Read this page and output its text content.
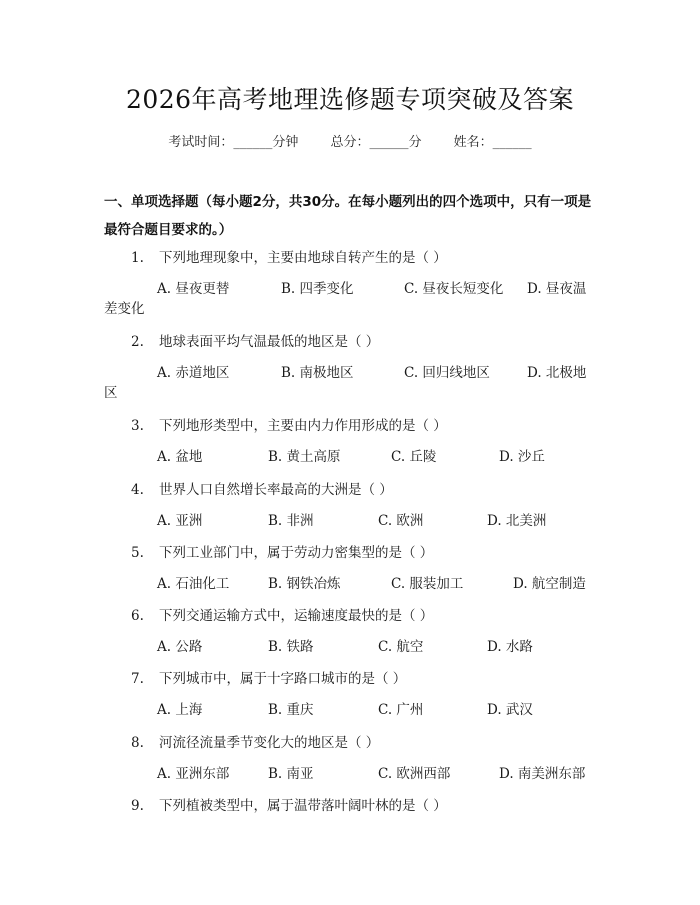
2026年高考地理选修题专项突破及答案
考试时间：______分钟 总分：______分 姓名：______
一、单项选择题（每小题2分，共30分。在每小题列出的四个选项中，只有一项是最符合题目要求的。）
1. 下列地理现象中，主要由地球自转产生的是（ ）
A. 昼夜更替	B. 四季变化	C. 昼夜长短变化 D. 昼夜温
差变化
2. 地球表面平均气温最低的地区是（ ）
A. 赤道地区	B. 南极地区	C. 回归线地区	D. 北极地
区
3. 下列地形类型中，主要由内力作用形成的是（ ）
A. 盆地	B. 黄土高原	C. 丘陵	D. 沙丘
4. 世界人口自然增长率最高的大洲是（ ）
A. 亚洲	B. 非洲	C. 欧洲	D. 北美洲
5. 下列工业部门中，属于劳动力密集型的是（ ）
A. 石油化工	B. 钢铁冶炼	C. 服装加工	D. 航空制造
6. 下列交通运输方式中，运输速度最快的是（ ）
A. 公路	B. 铁路	C. 航空	D. 水路
7. 下列城市中，属于十字路口城市的是（ ）
A. 上海	B. 重庆	C. 广州	D. 武汉
8. 河流径流量季节变化大的地区是（ ）
A. 亚洲东部	B. 南亚	C. 欧洲西部	D. 南美洲东部
9. 下列植被类型中，属于温带落叶阔叶林的是（ ）
